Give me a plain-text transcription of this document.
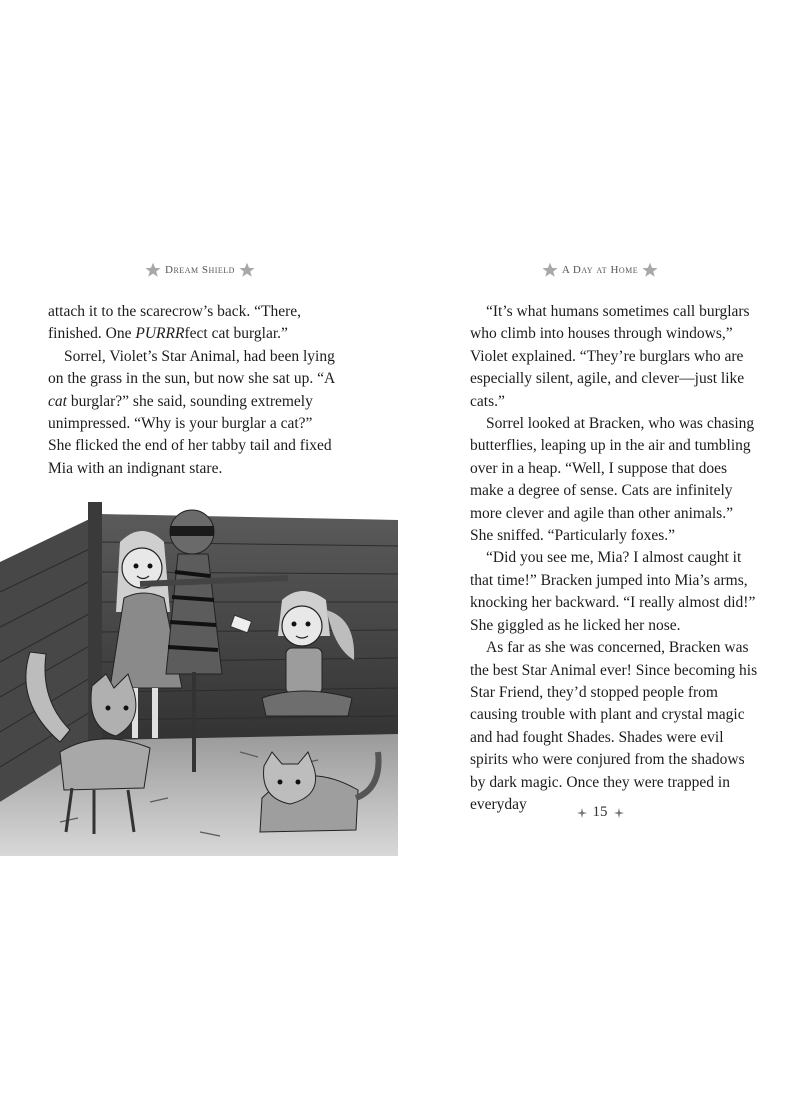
Dream Shield

attach it to the scarecrow’s back. “There, finished. One PURRRfect cat burglar.”

Sorrel, Violet’s Star Animal, had been lying on the grass in the sun, but now she sat up. “A cat burglar?” she said, sounding extremely unimpressed. “Why is your burglar a cat?” She flicked the end of her tabby tail and fixed Mia with an indignant stare.

A Day at Home

“It’s what humans sometimes call burglars who climb into houses through windows,” Violet explained. “They’re burglars who are especially silent, agile, and clever—just like cats.”

Sorrel looked at Bracken, who was chasing butterflies, leaping up in the air and tumbling over in a heap. “Well, I suppose that does make a degree of sense. Cats are infinitely more clever and agile than other animals.” She sniffed. “Particularly foxes.”

“Did you see me, Mia? I almost caught it that time!” Bracken jumped into Mia’s arms, knocking her backward. “I really almost did!” She giggled as he licked her nose.

As far as she was concerned, Bracken was the best Star Animal ever! Since becoming his Star Friend, they’d stopped people from causing trouble with plant and crystal magic and had fought Shades. Shades were evil spirits who were conjured from the shadows by dark magic. Once they were trapped in everyday	15
